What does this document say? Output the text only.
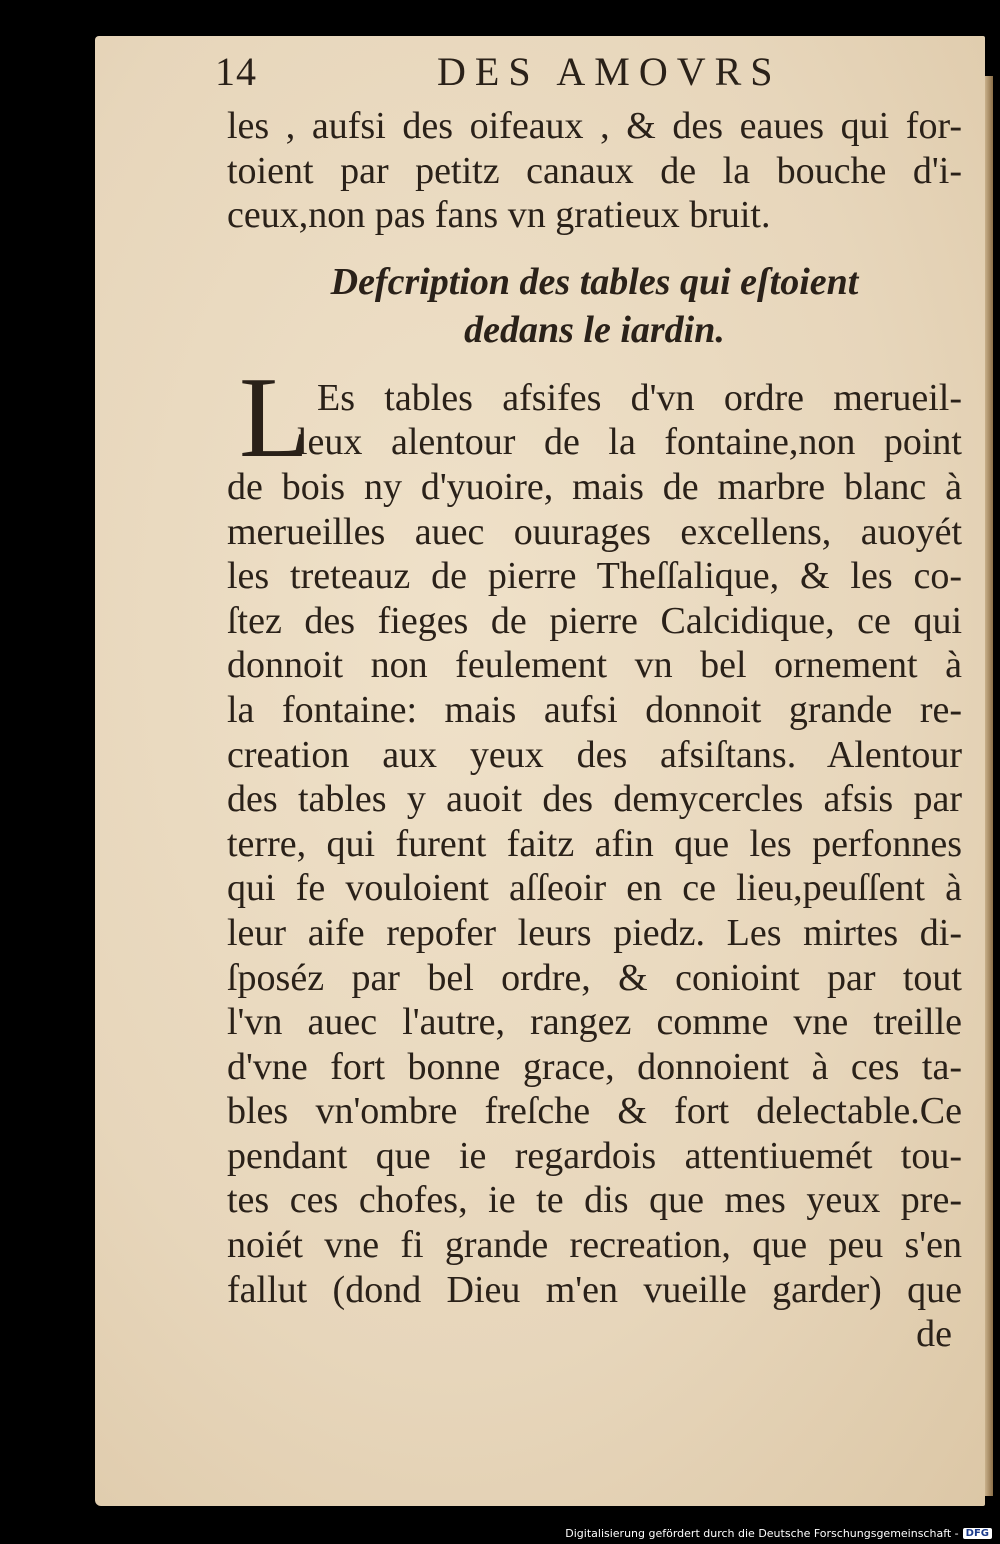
14	DES AMOVRS
les , aufsi des oifeaux , & des eaues qui for-
toient par petitz canaux de la bouche d'i-
ceux,non pas fans vn gratieux bruit.
Defcription des tables qui eſtoient
dedans le iardin.
L Es tables afsifes d'vn ordre merueil-
leux alentour de la fontaine,non point
de bois ny d'yuoire, mais de marbre blanc à
merueilles auec ouurages excellens, auoyét
les treteauz de pierre Theſſalique, & les co-
ſtez des fieges de pierre Calcidique, ce qui
donnoit non feulement vn bel ornement à
la fontaine: mais aufsi donnoit grande re-
creation aux yeux des afsiſtans. Alentour
des tables y auoit des demycercles afsis par
terre, qui furent faitz afin que les perfonnes
qui fe vouloient aſſeoir en ce lieu,peuſſent à
leur aife repofer leurs piedz. Les mirtes di-
ſposéz par bel ordre, & conioint par tout
l'vn auec l'autre, rangez comme vne treille
d'vne fort bonne grace, donnoient à ces ta-
bles vn'ombre freſche & fort delectable.Ce
pendant que ie regardois attentiuemét tou-
tes ces chofes, ie te dis que mes yeux pre-
noiét vne fi grande recreation, que peu s'en
fallut (dond Dieu m'en vueille garder) que
de
Digitalisierung gefördert durch die Deutsche Forschungsgemeinschaft - DFG
